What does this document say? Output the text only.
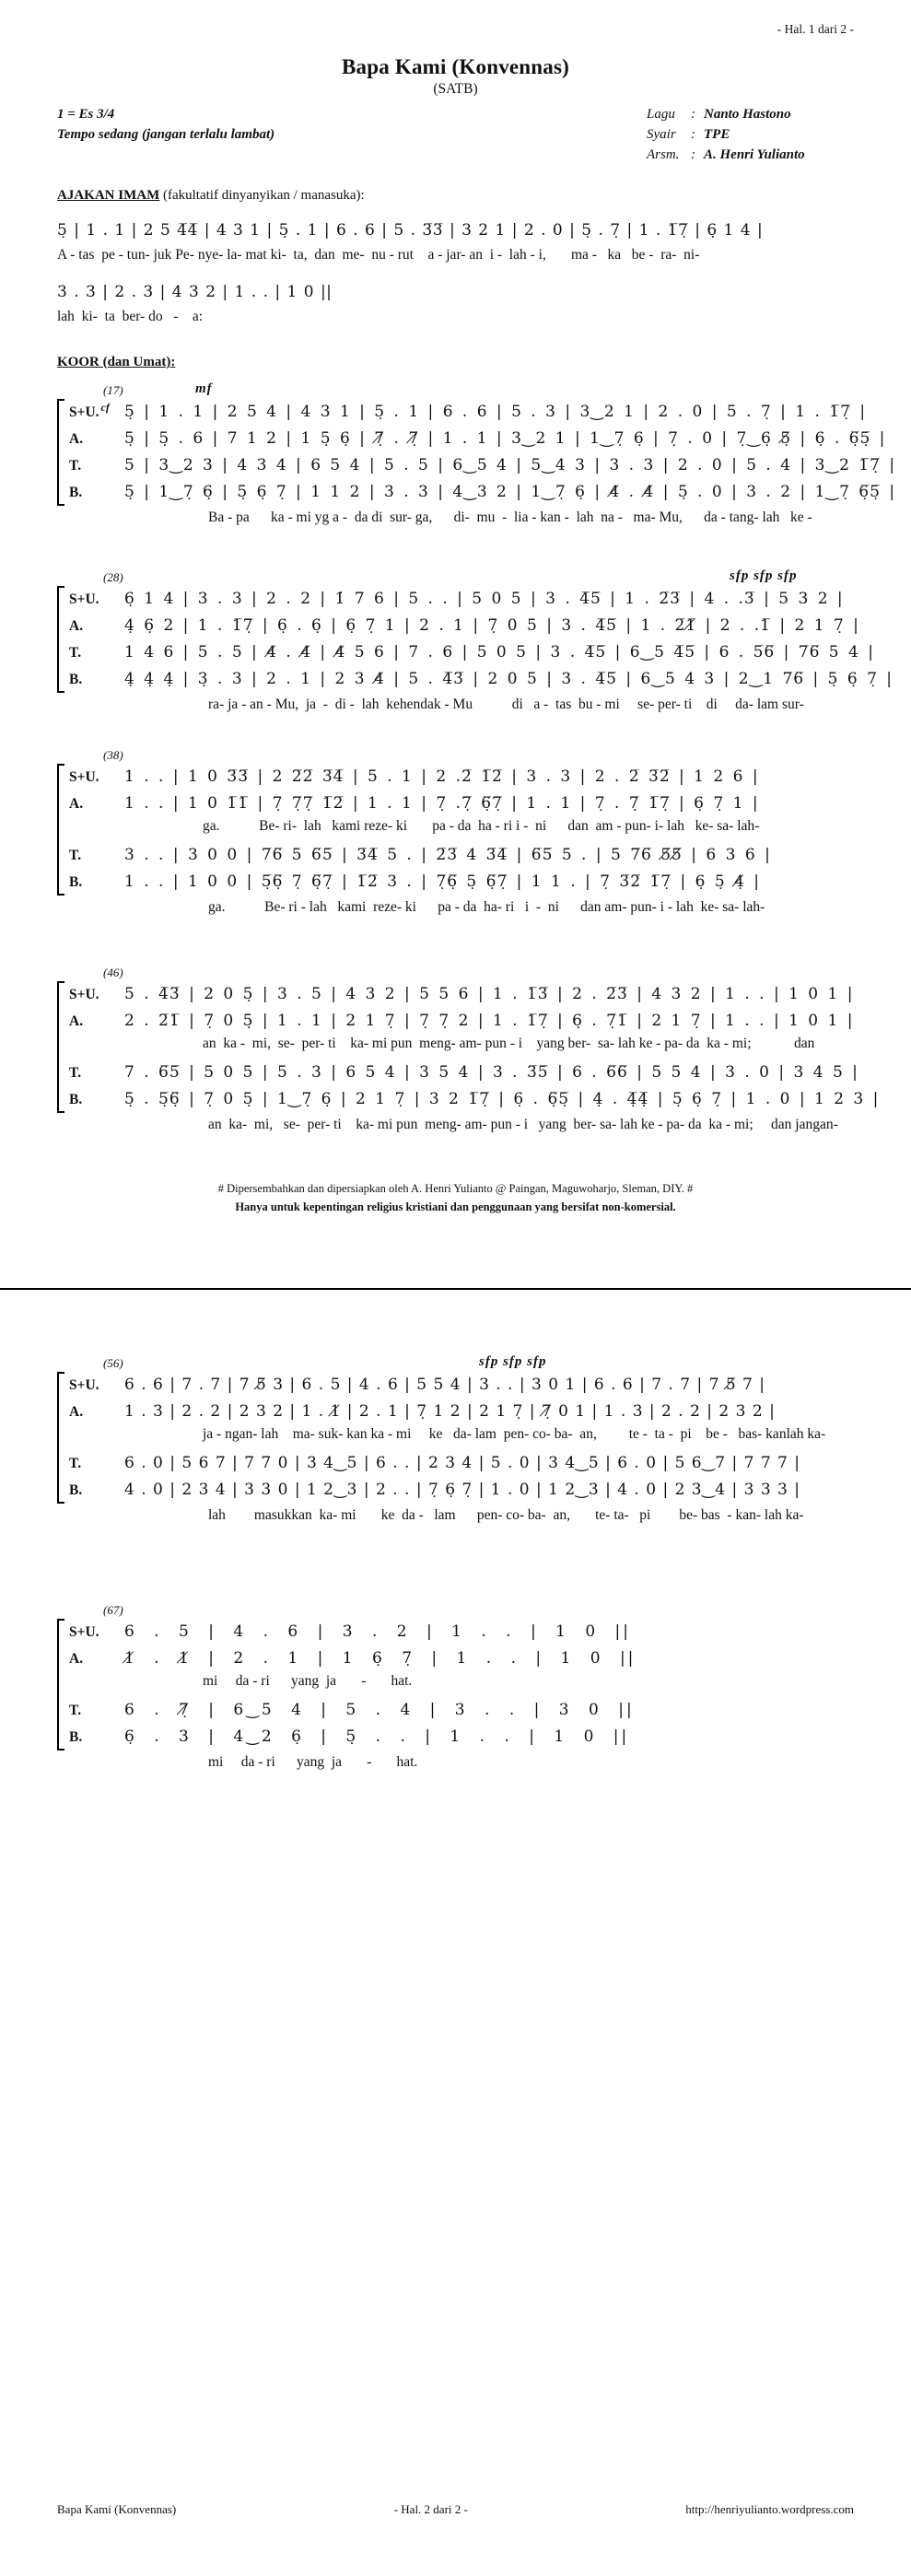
- Hal. 1 dari 2 -
Bapa Kami (Konvennas)
(SATB)
1 = Es 3/4
Tempo sedang (jangan terlalu lambat)
Lagu	: Nanto Hastono
Syair	: TPE
Arsm. : A. Henri Yulianto
AJAKAN IMAM (fakultatif dinyanyikan / manasuka):
5̣ | 1 . 1 | 2 5 4̅4̅ | 4 3 1 | 5̣ . 1 | 6 . 6 | 5 . 3̅3̅ | 3 2 1 | 2 . 0 | 5̣ . 7̣ | 1 . 1̅7̣̅ | 6̣ 1 4 |
A - tas  pe - tun- juk Pe- nye- la- mat ki-  ta,  dan  me-  nu - rut    a - jar- an  i -  lah - i,       ma -   ka   be -  ra-  ni-
3 . 3 | 2 . 3 | 4 3 2 | 1 . . | 1 0 ||
lah  ki-  ta  ber- do   -    a:
KOOR (dan Umat):
(17)	mf
S+U. $^{cf}$ 5̣ | 1 . 1 | 2 5 4 | 4 3 1 | 5̣ . 1 | 6 . 6 | 5 . 3 | 3‿2 1 | 2 . 0 | 5 . 7̣ | 1 . 1̅7̣̅ |
A.	5̣ | 5̣ . 6 | 7 1 2 | 1 5̣ 6̣ | 7̸̣ . 7̸̣ | 1 . 1 | 3‿2 1 | 1‿7̣ 6̣ | 7̣ . 0 | 7̣‿6̣ 5̸̣ | 6̣ . 6̣̅5̣̅ |
T.	5 | 3‿2 3 | 4 3 4 | 6 5 4 | 5 . 5 | 6‿5 4 | 5‿4 3 | 3 . 3 | 2 . 0 | 5 . 4 | 3‿2 1̅7̣̅ |
B.	5̣ | 1‿7̣ 6̣ | 5̣ 6̣ 7̣ | 1 1 2 | 3 . 3 | 4‿3 2 | 1‿7̣ 6̣ | 4̸ . 4̸ | 5̣ . 0 | 3 . 2 | 1‿7̣ 6̣̅5̣̅ |
Ba - pa      ka - mi yg a -  da di  sur- ga,      di-  mu  -  lia - kan -  lah  na -   ma- Mu,      da - tang- lah   ke -
(28)	sfp sfp sfp
S+U.	6̣ 1 4 | 3 . 3 | 2 . 2 | 1̇ 7 6 | 5 . . | 5 0 5 | 3 . 4̅5̅ | 1 . 2̅3̅ | 4 . .3̅ | 5 3 2 |
A.	4̣ 6̣ 2 | 1 . 1̅7̣̅ | 6̣ . 6̣ | 6̣ 7̣ 1 | 2 . 1 | 7̣ 0 5 | 3 . 4̅5̅ | 1 . 2̅1̸̅ | 2 . .1̅ | 2 1 7̣ |
T.	1 4 6 | 5 . 5 | 4̸ . 4̸ | 4̸ 5 6 | 7 . 6 | 5 0 5 | 3 . 4̅5̅ | 6‿5 4̅5̅ | 6 . 5̅6̅ | 7̅6̅ 5 4 |
B.	4̣ 4̣ 4̣ | 3̣ . 3 | 2 . 1 | 2 3 4̸ | 5 . 4̅3̅ | 2 0 5 | 3 . 4̅5̅ | 6‿5 4 3 | 2‿1 7̅6̅ | 5̣ 6̣ 7̣ |
ra- ja - an - Mu,  ja  -  di -  lah  kehendak - Mu           di   a -  tas  bu - mi     se- per- ti    di     da- lam sur-
(38)
S+U.	1 . . | 1 0 3̅3̅ | 2 2̅2̅ 3̅4̅ | 5 . 1 | 2 .2̅ 1̅2̅ | 3 . 3 | 2 . 2̅ 3̅2̅ | 1 2 6 |
A.	1 . . | 1 0 1̅1̅ | 7̣ 7̣̅7̣̅ 1̅2̅ | 1 . 1 | 7̣ .7̣̅ 6̣̅7̣̅ | 1 . 1 | 7̣ . 7̣̅ 1̅7̣̅ | 6̣ 7̣ 1 |
ga.           Be- ri-  lah   kami reze- ki       pa - da  ha - ri i -  ni      dan  am - pun- i- lah   ke- sa- lah-
T.	3 . . | 3 0 0 | 7̅6̅ 5 6̅5̅ | 3̅4̅ 5 . | 2̅3̅ 4 3̅4̅ | 6̅5̅ 5 . | 5 7̅6̅ 5̸̅5̸̅ | 6 3 6 |
B.	1 . . | 1 0 0 | 5̣̅6̣̅ 7̣ 6̣̅7̣̅ | 1̅2̅ 3 . | 7̣̅6̣̅ 5̣ 6̣̅7̣̅ | 1 1 . | 7̣ 3̅2̅ 1̅7̣̅ | 6̣ 5̣ 4̸̣ |
ga.           Be- ri - lah   kami  reze- ki      pa - da  ha- ri   i  -  ni      dan am- pun- i - lah  ke- sa- lah-
(46)
S+U.	5 . 4̅3̅ | 2 0 5̣ | 3 . 5 | 4 3 2 | 5 5 6 | 1 . 1̅3̅ | 2 . 2̅3̅ | 4 3 2 | 1 . . | 1 0 1 |
A.	2 . 2̅1̅ | 7̣ 0 5̣ | 1 . 1 | 2 1 7̣ | 7̣ 7̣ 2 | 1 . 1̅7̣̅ | 6̣ . 7̣̅1̅ | 2 1 7̣ | 1 . . | 1 0 1 |
an  ka -  mi,  se-  per- ti    ka- mi pun  meng- am- pun - i    yang ber-  sa- lah ke - pa- da  ka - mi;            dan
T.	7 . 6̅5̅ | 5 0 5 | 5 . 3 | 6 5 4 | 3 5 4 | 3 . 3̅5̅ | 6 . 6̅6̅ | 5 5 4 | 3 . 0 | 3 4 5 |
B.	5̣ . 5̣̅6̣̅ | 7̣ 0 5̣ | 1‿7̣ 6̣ | 2 1 7̣ | 3 2 1̅7̣̅ | 6̣ . 6̣̅5̣̅ | 4̣ . 4̣̅4̣̅ | 5̣ 6̣ 7̣ | 1 . 0 | 1 2 3 |
an  ka-  mi,   se-  per- ti    ka- mi pun  meng- am- pun - i   yang  ber- sa- lah ke - pa- da  ka - mi;     dan jangan-
# Dipersembahkan dan dipersiapkan oleh A. Henri Yulianto @ Paingan, Maguwoharjo, Sleman, DIY. #
Hanya untuk kepentingan religius kristiani dan penggunaan yang bersifat non-komersial.
(56)	sfp sfp sfp
S+U.	6 . 6 | 7 . 7 | 7 5̸ 3 | 6 . 5 | 4 . 6 | 5 5 4 | 3 . . | 3 0 1 | 6 . 6 | 7 . 7 | 7 5̸ 7 |
A.	1 . 3 | 2 . 2 | 2 3 2 | 1 . 1̸ | 2 . 1 | 7̣ 1 2 | 2 1 7̣ | 7̸̣ 0 1 | 1 . 3 | 2 . 2 | 2 3 2 |
ja - ngan- lah    ma- suk- kan ka - mi     ke   da- lam  pen- co- ba-  an,         te -  ta -  pi    be -   bas- kanlah ka-
T.	6 . 0 | 5 6 7 | 7 7 0 | 3 4‿5 | 6 . . | 2 3 4 | 5 . 0 | 3 4‿5 | 6 . 0 | 5 6‿7 | 7 7 7 |
B.	4 . 0 | 2 3 4 | 3 3 0 | 1 2‿3 | 2 . . | 7̣ 6̣ 7̣ | 1 . 0 | 1 2‿3 | 4 . 0 | 2 3‿4 | 3 3 3 |
lah        masukkan  ka- mi       ke  da -   lam      pen- co- ba-  an,       te- ta-   pi        be- bas  - kan- lah ka-
(67)
S+U.	6 . 5 | 4 . 6 | 3 . 2 | 1 . . | 1 0 ||
A.	1̸ . 1̸ | 2 . 1 | 1 6̣ 7̣ | 1 . . | 1 0 ||
mi     da - ri      yang  ja       -       hat.
T.	6 . 7̸̣ | 6‿5 4 | 5 . 4 | 3 . . | 3 0 ||
B.	6̣ . 3 | 4‿2 6̣ | 5̣ . . | 1 . . | 1 0 ||
mi     da - ri      yang  ja       -       hat.
Bapa Kami (Konvennas)	- Hal. 2 dari 2 -	http://henriyulianto.wordpress.com
